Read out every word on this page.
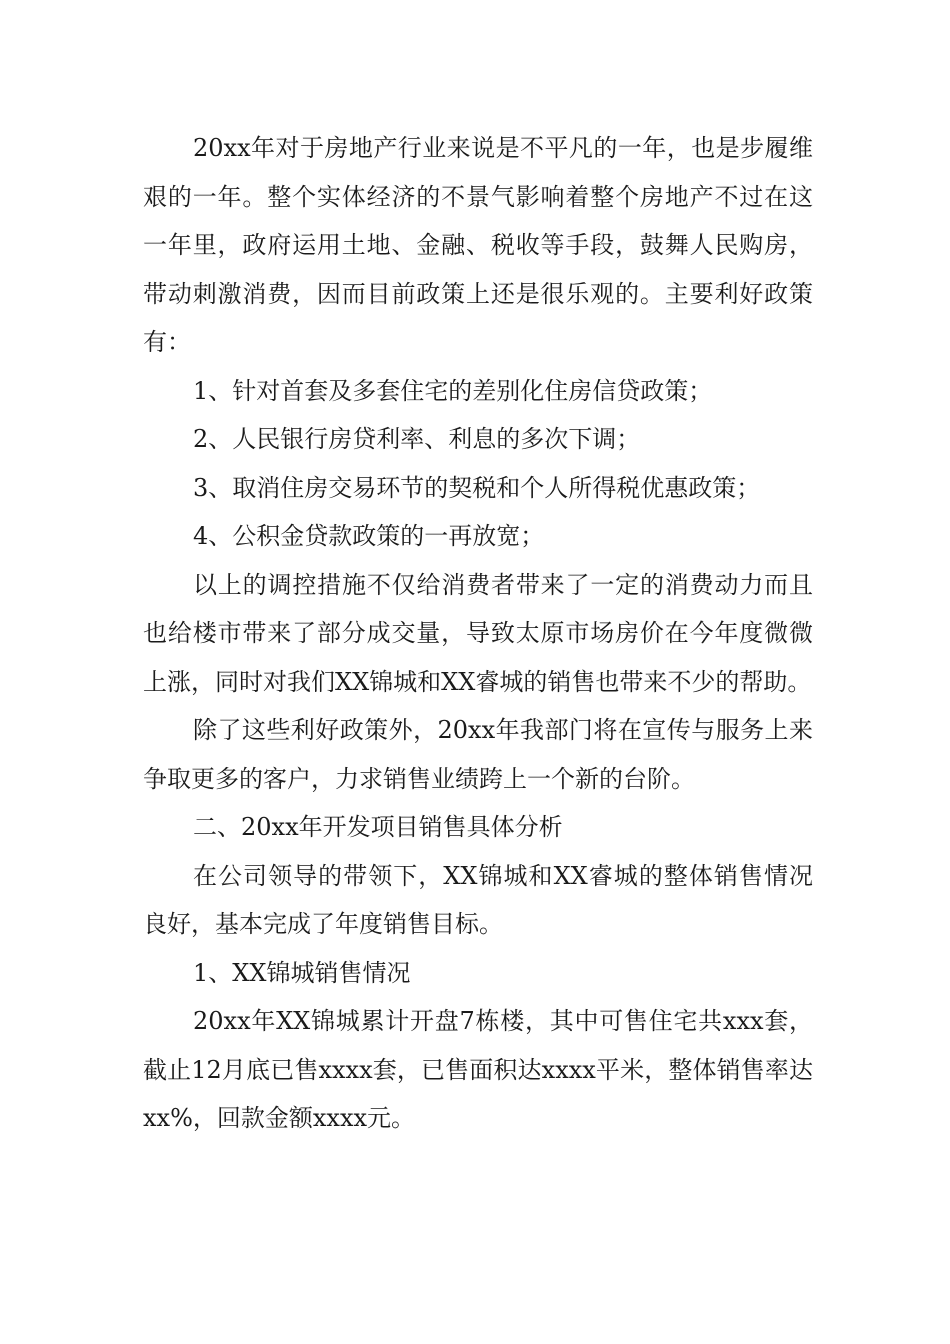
20xx年对于房地产行业来说是不平凡的一年，也是步履维艰的一年。整个实体经济的不景气影响着整个房地产不过在这一年里，政府运用土地、金融、税收等手段，鼓舞人民购房，带动刺激消费，因而目前政策上还是很乐观的。主要利好政策有：

1、针对首套及多套住宅的差别化住房信贷政策；

2、人民银行房贷利率、利息的多次下调；

3、取消住房交易环节的契税和个人所得税优惠政策；

4、公积金贷款政策的一再放宽；

以上的调控措施不仅给消费者带来了一定的消费动力而且也给楼市带来了部分成交量，导致太原市场房价在今年度微微上涨，同时对我们XX锦城和XX睿城的销售也带来不少的帮助。

除了这些利好政策外，20xx年我部门将在宣传与服务上来争取更多的客户，力求销售业绩跨上一个新的台阶。

二、20xx年开发项目销售具体分析

在公司领导的带领下，XX锦城和XX睿城的整体销售情况良好，基本完成了年度销售目标。

1、XX锦城销售情况

20xx年XX锦城累计开盘7栋楼，其中可售住宅共xxx套，截止12月底已售xxxx套，已售面积达xxxx平米，整体销售率达xx%，回款金额xxxx元。
